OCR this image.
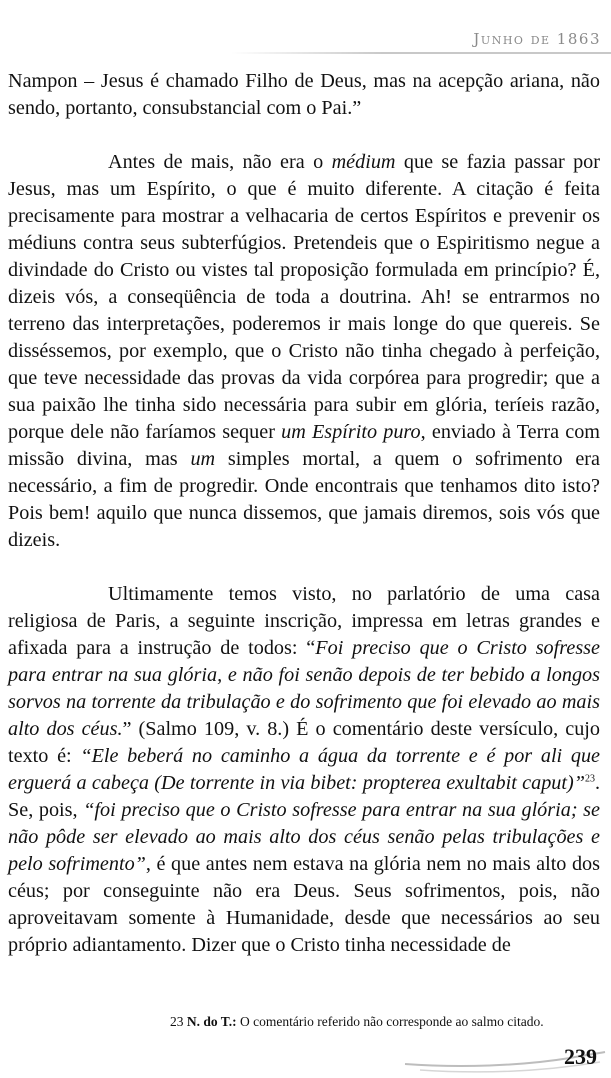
Junho de 1863

Nampon – Jesus é chamado Filho de Deus, mas na acepção ariana, não sendo, portanto, consubstancial com o Pai.”

Antes de mais, não era o médium que se fazia passar por Jesus, mas um Espírito, o que é muito diferente. A citação é feita precisamente para mostrar a velhacaria de certos Espíritos e prevenir os médiuns contra seus subterfúgios. Pretendeis que o Espiritismo negue a divindade do Cristo ou vistes tal proposição formulada em princípio? É, dizeis vós, a conseqüência de toda a doutrina. Ah! se entrarmos no terreno das interpretações, poderemos ir mais longe do que quereis. Se disséssemos, por exemplo, que o Cristo não tinha chegado à perfeição, que teve necessidade das provas da vida corpórea para progredir; que a sua paixão lhe tinha sido necessária para subir em glória, teríeis razão, porque dele não faríamos sequer um Espírito puro, enviado à Terra com missão divina, mas um simples mortal, a quem o sofrimento era necessário, a fim de progredir. Onde encontrais que tenhamos dito isto? Pois bem! aquilo que nunca dissemos, que jamais diremos, sois vós que dizeis.

Ultimamente temos visto, no parlatório de uma casa religiosa de Paris, a seguinte inscrição, impressa em letras grandes e afixada para a instrução de todos: “Foi preciso que o Cristo sofresse para entrar na sua glória, e não foi senão depois de ter bebido a longos sorvos na torrente da tribulação e do sofrimento que foi elevado ao mais alto dos céus.” (Salmo 109, v. 8.) É o comentário deste versículo, cujo texto é: “Ele beberá no caminho a água da torrente e é por ali que erguerá a cabeça (De torrente in via bibet: propterea exultabit caput)”$^{23}$. Se, pois, “foi preciso que o Cristo sofresse para entrar na sua glória; se não pôde ser elevado ao mais alto dos céus senão pelas tribulações e pelo sofrimento”, é que antes nem estava na glória nem no mais alto dos céus; por conseguinte não era Deus. Seus sofrimentos, pois, não aproveitavam somente à Humanidade, desde que necessários ao seu próprio adiantamento. Dizer que o Cristo tinha necessidade de

23 N. do T.: O comentário referido não corresponde ao salmo citado.
239
